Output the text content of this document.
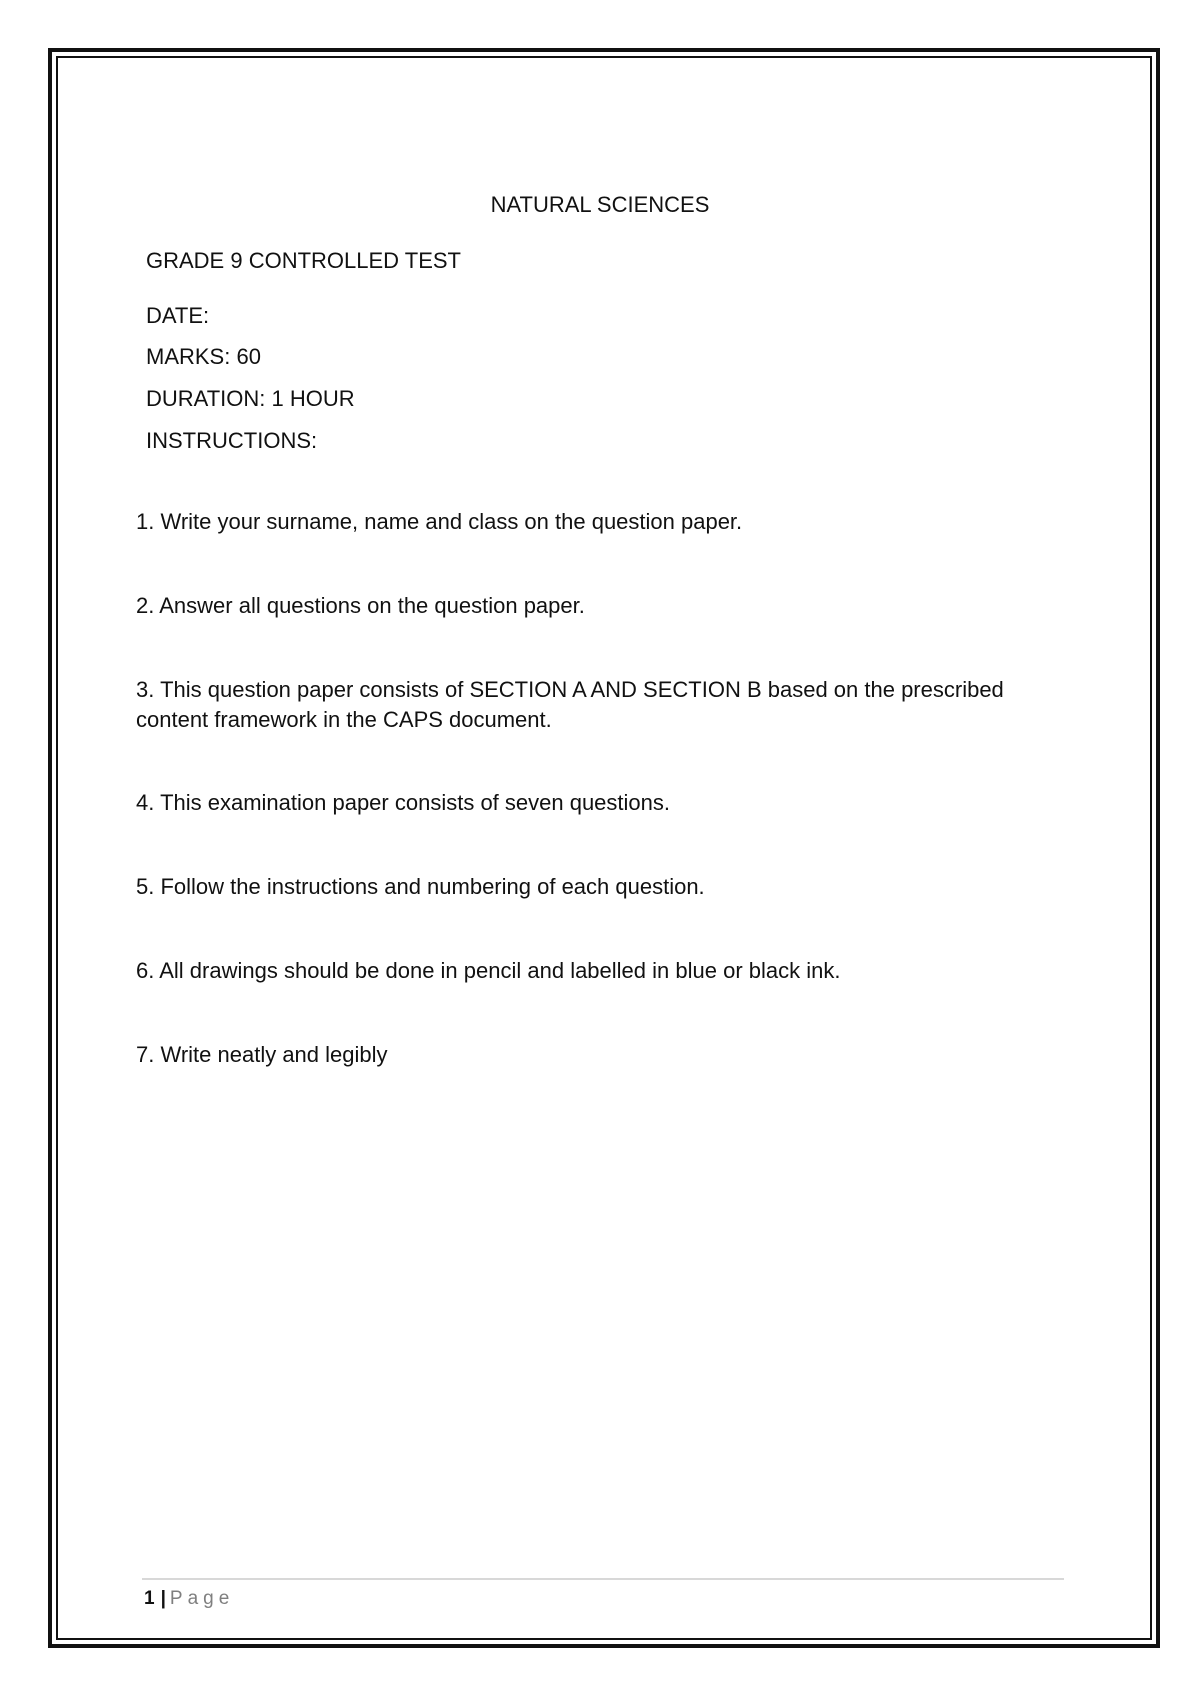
NATURAL SCIENCES
GRADE 9 CONTROLLED TEST
DATE:
MARKS: 60
DURATION: 1 HOUR
INSTRUCTIONS:
1. Write your surname, name and class on the question paper.
2. Answer all questions on the question paper.
3. This question paper consists of SECTION A AND SECTION B based on the prescribed content framework in the CAPS document.
4. This examination paper consists of seven questions.
5. Follow the instructions and numbering of each question.
6. All drawings should be done in pencil and labelled in blue or black ink.
7. Write neatly and legibly
1 | Page
